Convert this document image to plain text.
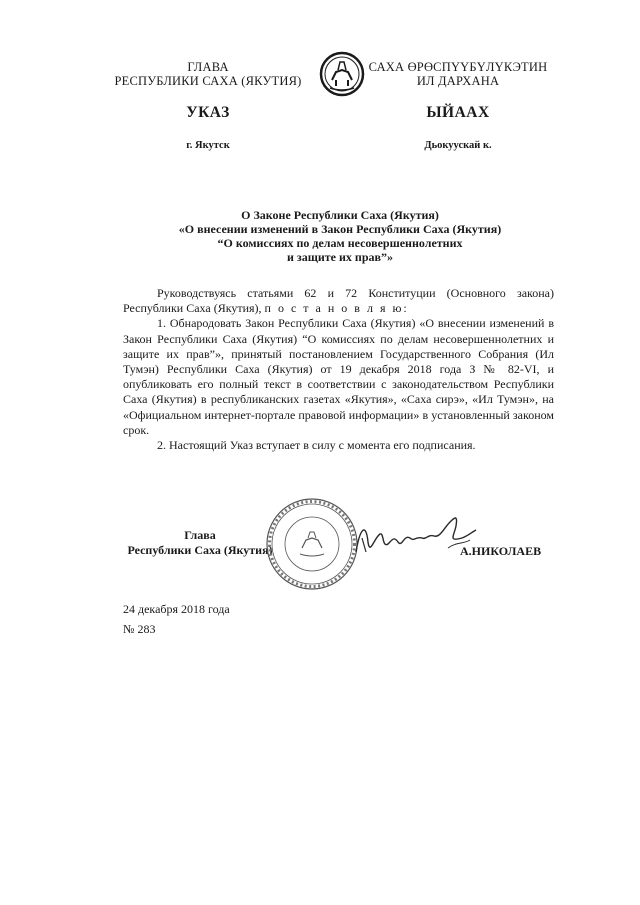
ГЛАВА
РЕСПУБЛИКИ САХА (ЯКУТИЯ)
САХА ӨРӨСПҮҮБҮЛҮКЭТИН
ИЛ ДАРХАНА
УКАЗ	ЫЙААХ
г. Якутск	Дьокуускай к.
О Законе Республики Саха (Якутия)
«О внесении изменений в Закон Республики Саха (Якутия)
“О комиссиях по делам несовершеннолетних
и защите их прав”»

Руководствуясь статьями 62 и 72 Конституции (Основного закона) Республики Саха (Якутия), п о с т а н о в л я ю:

1. Обнародовать Закон Республики Саха (Якутия) «О внесении изменений в Закон Республики Саха (Якутия) “О комиссиях по делам несовершеннолетних и защите их прав”», принятый постановлением Государственного Собрания (Ил Тумэн) Республики Саха (Якутия) от 19 декабря 2018 года З № 82-VI, и опубликовать его полный текст в соответствии с законодательством Республики Саха (Якутия) в республиканских газетах «Якутия», «Саха сирэ», «Ил Тумэн», на «Официальном интернет-портале правовой информации» в установленный законом срок.

2. Настоящий Указ вступает в силу с момента его подписания.

Глава
Республики Саха (Якутия)	А.НИКОЛАЕВ
24 декабря 2018 года
№ 283
